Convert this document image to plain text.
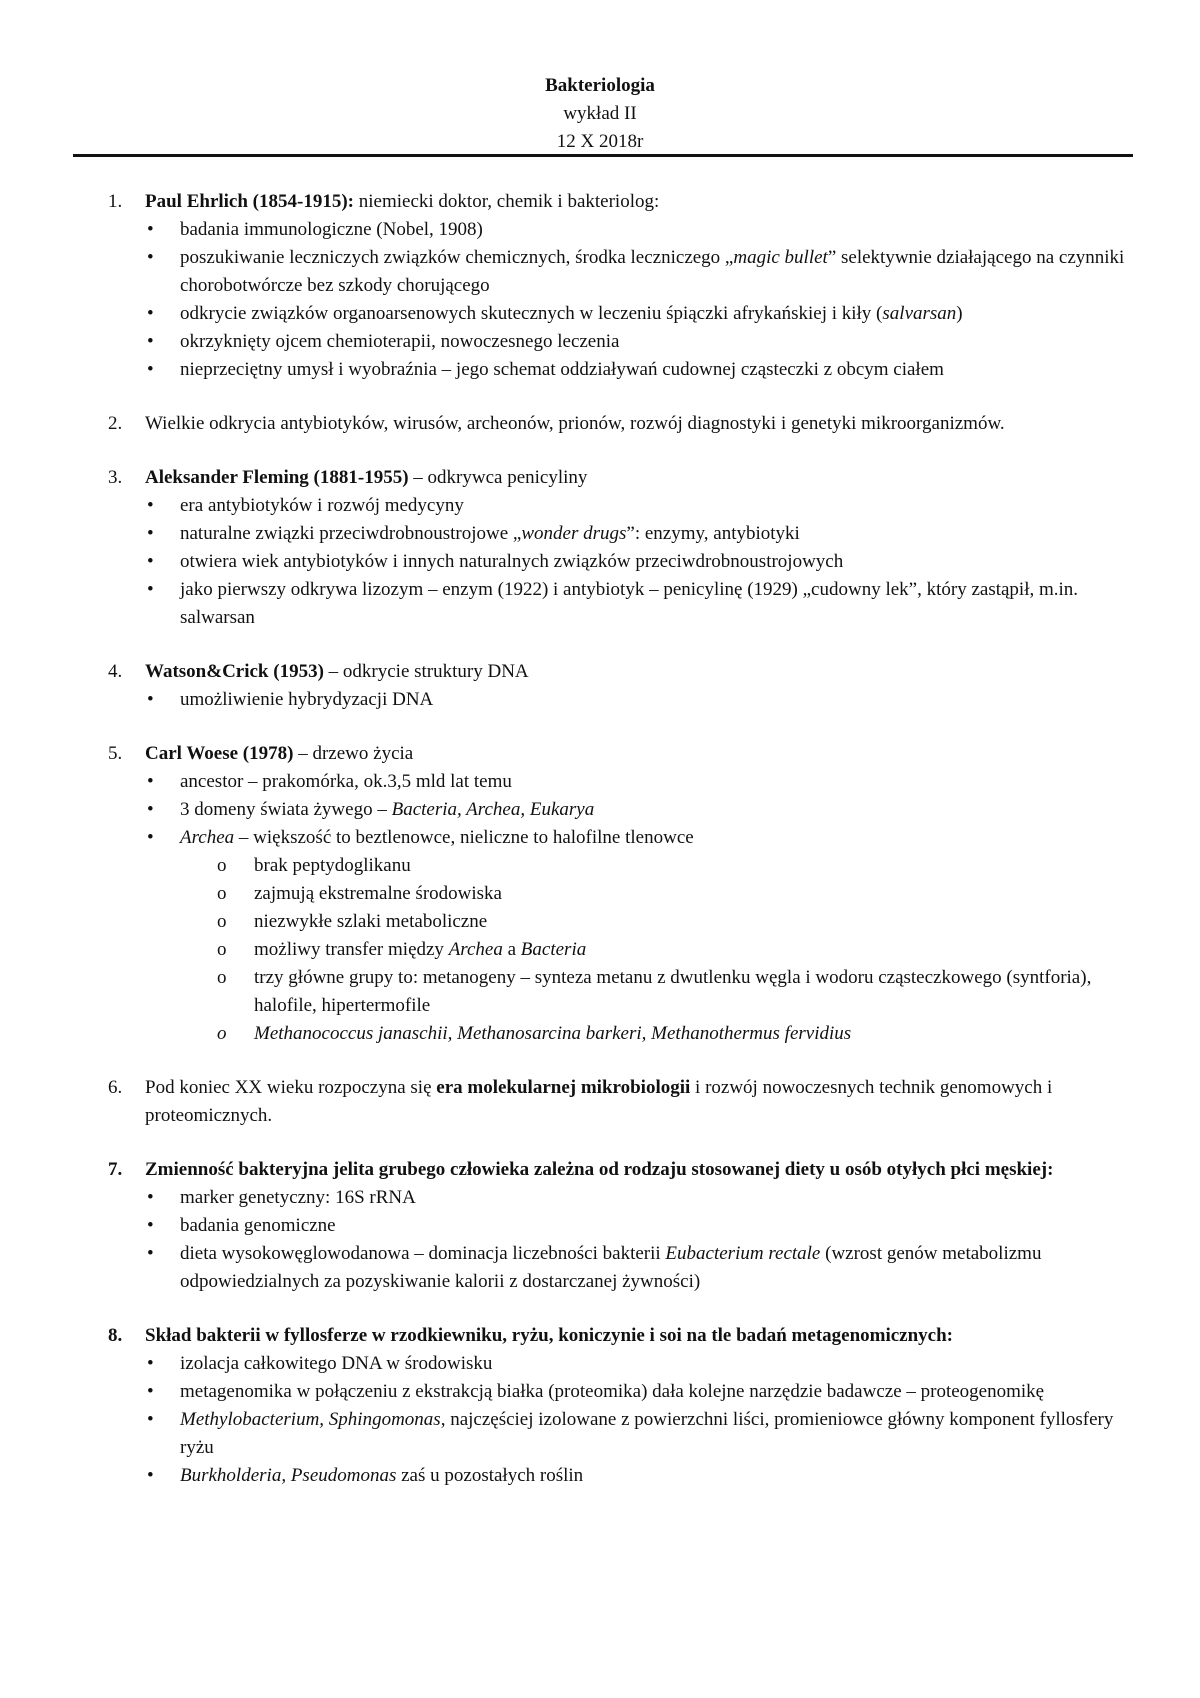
Bakteriologia
wykład II
12 X 2018r
1. Paul Ehrlich (1854-1915): niemiecki doktor, chemik i bakteriolog:
• badania immunologiczne (Nobel, 1908)
• poszukiwanie leczniczych związków chemicznych, środka leczniczego „magic bullet” selektywnie działającego na czynniki chorobotwórcze bez szkody chorującego
• odkrycie związków organoarsenowych skutecznych w leczeniu śpiączki afrykańskiej i kiły (salvarsan)
• okrzyknięty ojcem chemioterapii, nowoczesnego leczenia
• nieprzeciętny umysł i wyobraźnia – jego schemat oddziaływań cudownej cząsteczki z obcym ciałem
2. Wielkie odkrycia antybiotyków, wirusów, archeonów, prionów, rozwój diagnostyki i genetyki mikroorganizmów.
3. Aleksander Fleming (1881-1955) – odkrywca penicyliny
• era antybiotyków i rozwój medycyny
• naturalne związki przeciwdrobnoustrojowe „wonder drugs”: enzymy, antybiotyki
• otwiera wiek antybiotyków i innych naturalnych związków przeciwdrobnoustrojowych
• jako pierwszy odkrywa lizozym – enzym (1922) i antybiotyk – penicylinę (1929) „cudowny lek”, który zastąpił, m.in. salwarsan
4. Watson&Crick (1953) – odkrycie struktury DNA
• umożliwienie hybrydyzacji DNA
5. Carl Woese (1978) – drzewo życia
• ancestor – prakomórka, ok.3,5 mld lat temu
• 3 domeny świata żywego – Bacteria, Archea, Eukarya
• Archea – większość to beztlenowce, nieliczne to halofilne tlenowce
o brak peptydoglikanu
o zajmują ekstremalne środowiska
o niezwykłe szlaki metaboliczne
o możliwy transfer między Archea a Bacteria
o trzy główne grupy to: metanogeny – synteza metanu z dwutlenku węgla i wodoru cząsteczkowego (syntforia), halofile, hipertermofile
o Methanococcus janaschii, Methanosarcina barkeri, Methanothermus fervidius
6. Pod koniec XX wieku rozpoczyna się era molekularnej mikrobiologii i rozwój nowoczesnych technik genomowych i proteomicznych.
7. Zmienność bakteryjna jelita grubego człowieka zależna od rodzaju stosowanej diety u osób otyłych płci męskiej:
• marker genetyczny: 16S rRNA
• badania genomiczne
• dieta wysokowęglowodanowa – dominacja liczebności bakterii Eubacterium rectale (wzrost genów metabolizmu odpowiedzialnych za pozyskiwanie kalorii z dostarczanej żywności)
8. Skład bakterii w fyllosferze w rzodkiewniku, ryżu, koniczynie i soi na tle badań metagenomicznych:
• izolacja całkowitego DNA w środowisku
• metagenomika w połączeniu z ekstrakcją białka (proteomika) dała kolejne narzędzie badawcze – proteogenomikę
• Methylobacterium, Sphingomonas, najczęściej izolowane z powierzchni liści, promieniowce główny komponent fyllosfery ryżu
• Burkholderia, Pseudomonas zaś u pozostałych roślin
